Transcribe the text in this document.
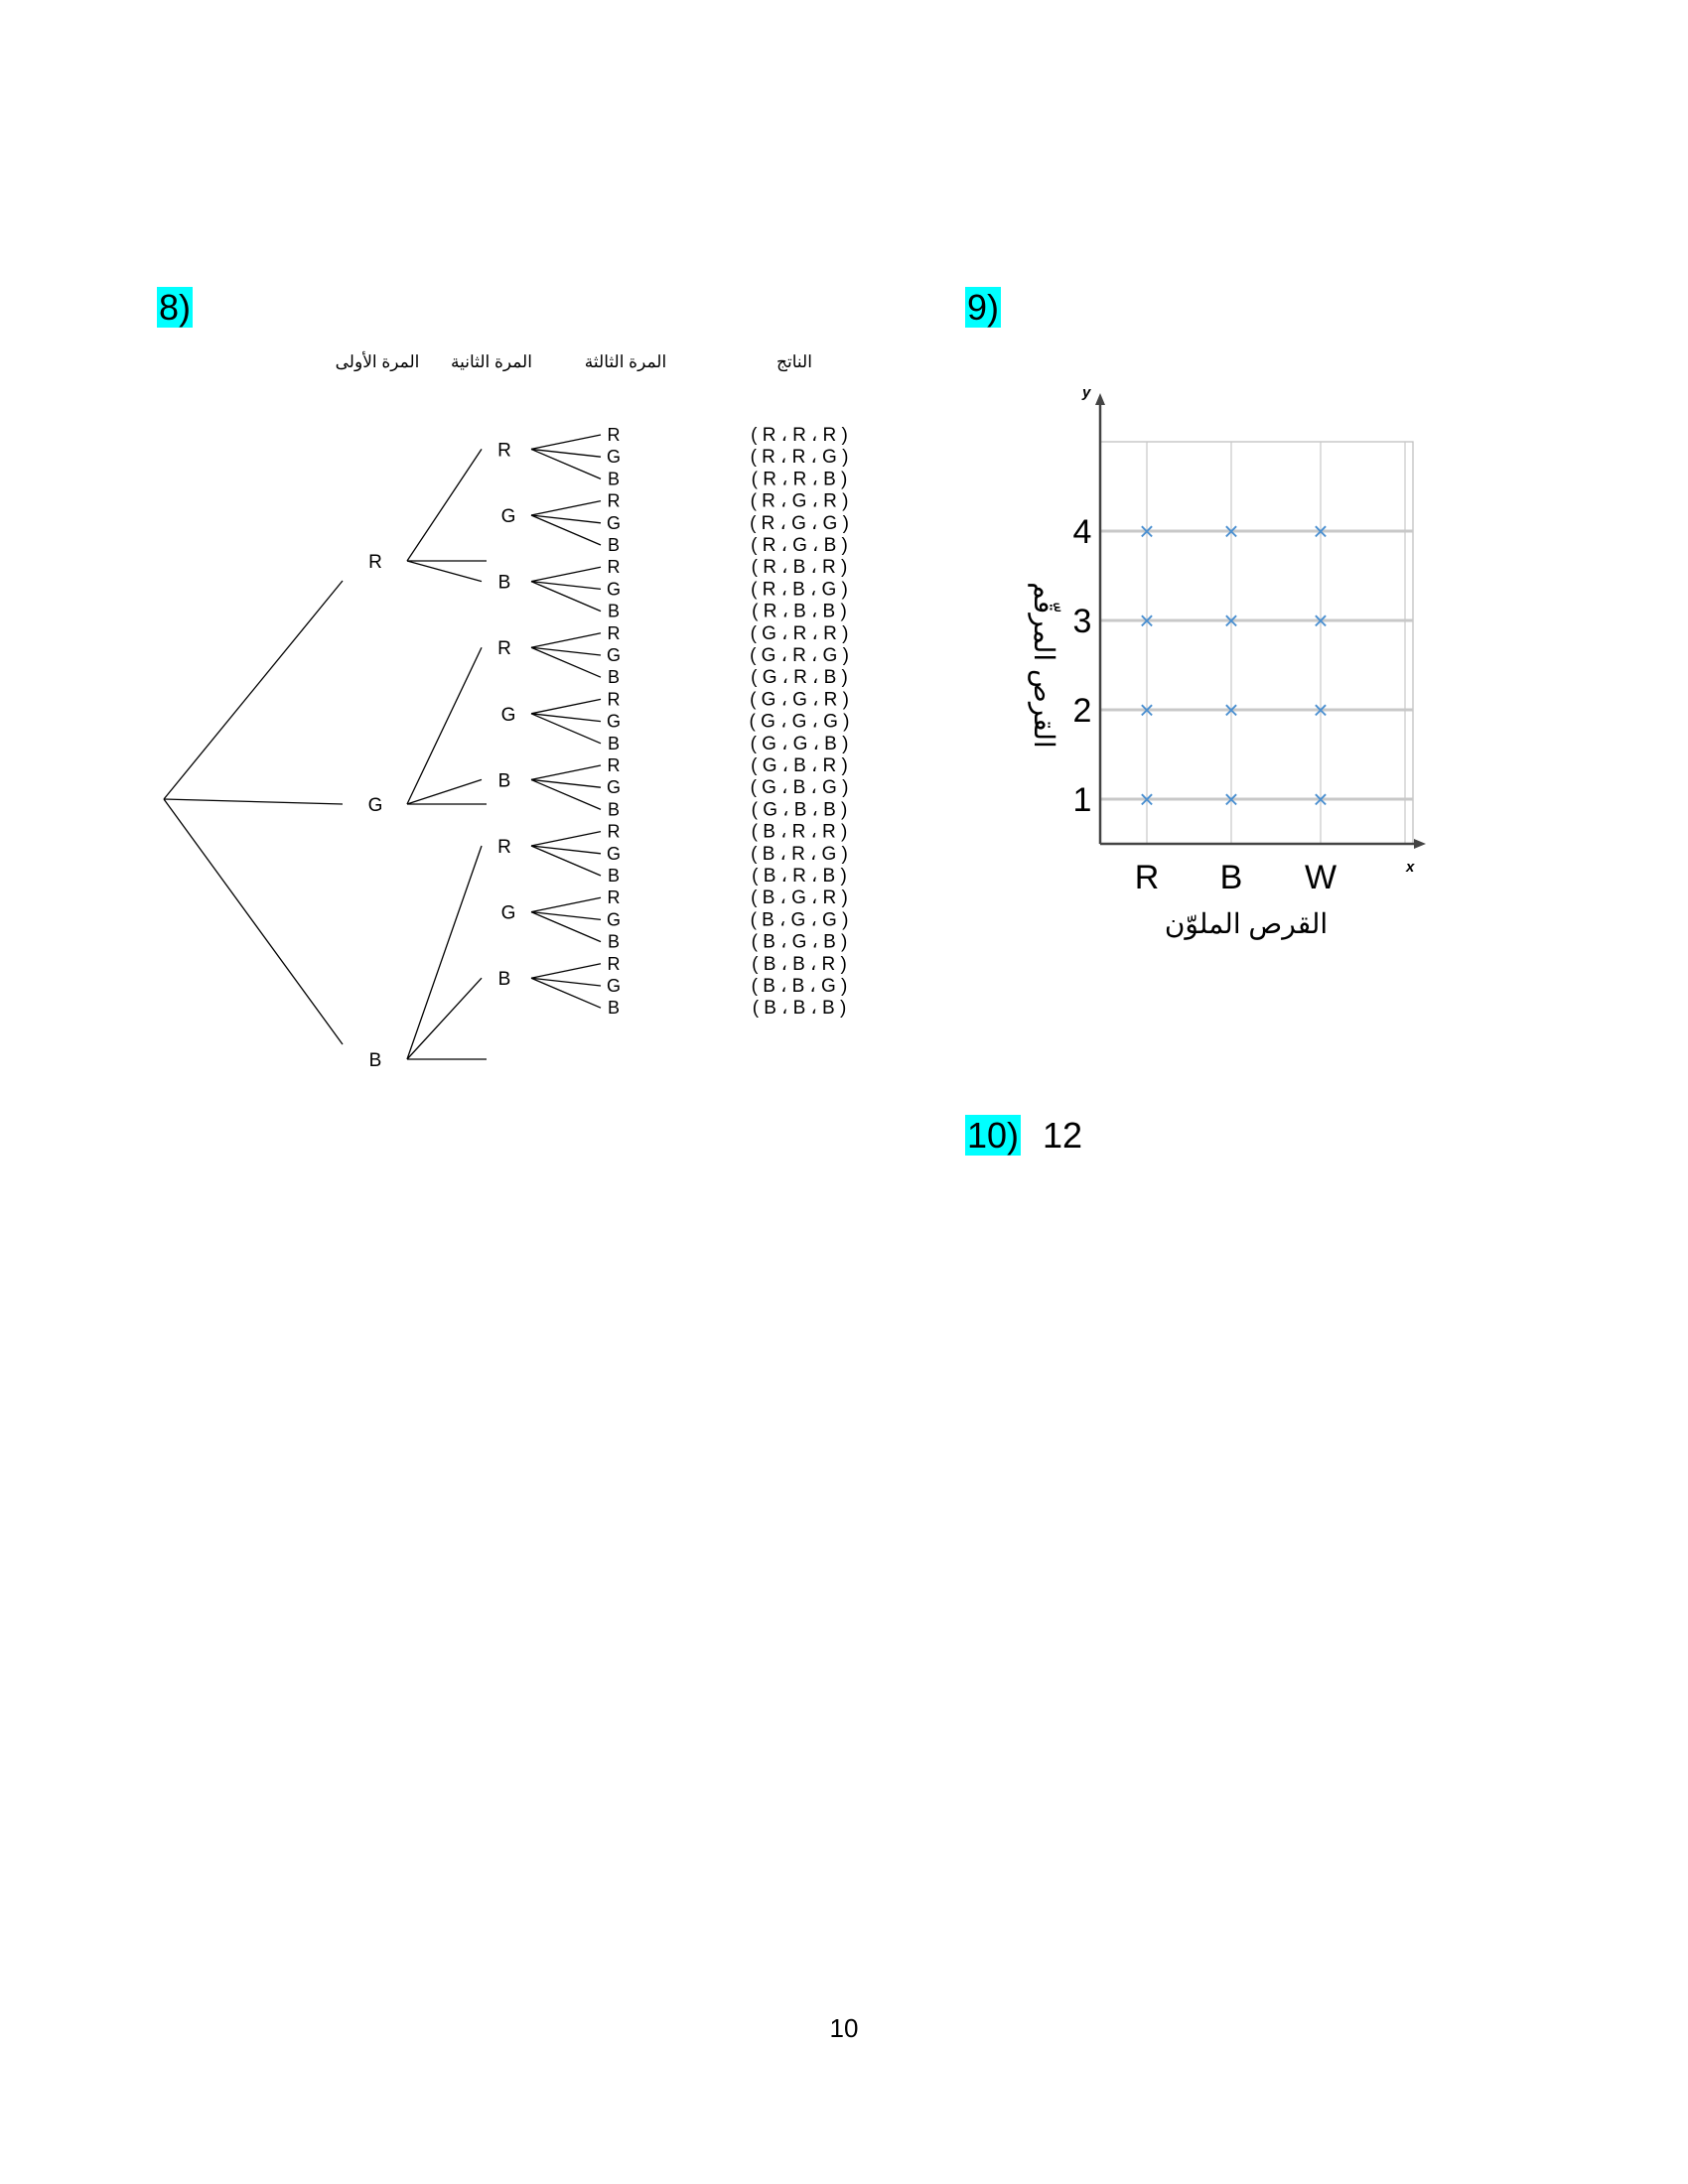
8)	9)
10) 12
المرة الأولى المرة الثانية	المرة الثالثة	الناتج
R
R
R	( R ، R ، R )
G	( R ، R ، G )
B	( R ، R ، B )
G
R	( R ، G ، R )
G	( R ، G ، G )
B	( R ، G ، B )
B
R	( R ، B ، R )
G	( R ، B ، G )
B	( R ، B ، B )
G
R
R	( G ، R ، R )
G	( G ، R ، G )
B	( G ، R ، B )
G
R	( G ، G ، R )
G	( G ، G ، G )
B	( G ، G ، B )
B
R	( G ، B ، R )
G	( G ، B ، G )
B	( G ، B ، B )
B
R
R	( B ، R ، R )
G	( B ، R ، G )
B	( B ، R ، B )
G
R	( B ، G ، R )
G	( B ، G ، G )
B	( B ، G ، B )
B
R	( B ، B ، R )
G	( B ، B ، G )
B	( B ، B ، B )
y
x
R B W
1
2
3
4
القرص الملوّن
القرص المرقّم
×
×
×
×
×
×
×
×
×
×
×
×
10
